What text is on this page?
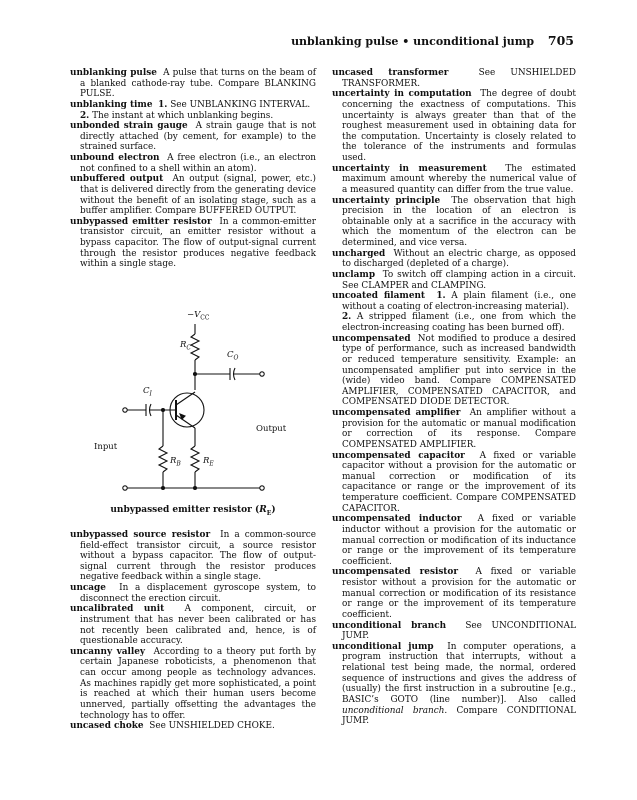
unblanking pulse • unconditional jump 705
unblanking pulse A pulse that turns on the beam of a blanked cathode-ray tube. Compare BLANKING PULSE.
unblanking time 1. See UNBLANKING INTERVAL.
2. The instant at which unblanking begins.
unbonded strain gauge A strain gauge that is not directly attached (by cement, for example) to the strained surface.
unbound electron A free electron (i.e., an electron not confined to a shell within an atom).
unbuffered output An output (signal, power, etc.) that is delivered directly from the generating device without the benefit of an isolating stage, such as a buffer amplifier. Compare BUFFERED OUTPUT.
unbypassed emitter resistor In a common-emitter transistor circuit, an emitter resistor without a bypass capacitor. The flow of output-signal current through the resistor produces negative feedback within a single stage.
$-V_{CC}$
$R_C$
$C_O$
$C_I$
Output
Input
$R_B$	$R_E$
unbypassed emitter resistor $(R_E)$
unbypassed source resistor In a common-source field-effect transistor circuit, a source resistor without a bypass capacitor. The flow of output-signal current through the resistor produces negative feedback within a single stage.
uncage In a displacement gyroscope system, to disconnect the erection circuit.
uncalibrated unit A component, circuit, or instrument that has never been calibrated or has not recently been calibrated and, hence, is of questionable accuracy.
uncanny valley According to a theory put forth by certain Japanese roboticists, a phenomenon that can occur among people as technology advances. As machines rapidly get more sophisticated, a point is reached at which their human users become unnerved, partially offsetting the advantages the technology has to offer.
uncased choke See UNSHIELDED CHOKE.
uncased transformer	See UNSHIELDED TRANSFORMER.
uncertainty in computation The degree of doubt concerning the exactness of computations. This uncertainty is always greater than that of the roughest measurement used in obtaining data for the computation. Uncertainty is closely related to the tolerance of the instruments and formulas used.
uncertainty in measurement The estimated maximum amount whereby the numerical value of a measured quantity can differ from the true value.
uncertainty principle The observation that high precision in the location of an electron is obtainable only at a sacrifice in the accuracy with which the momentum of the electron can be determined, and vice versa.
uncharged Without an electric charge, as opposed to discharged (depleted of a charge).
unclamp To switch off clamping action in a circuit. See CLAMPER and CLAMPING.
uncoated filament 1. A plain filament (i.e., one without a coating of electron-increasing material).
2. A stripped filament (i.e., one from which the electron-increasing coating has been burned off).
uncompensated Not modified to produce a desired type of performance, such as increased bandwidth or reduced temperature sensitivity. Example: an uncompensated amplifier put into service in the (wide) video band. Compare COMPENSATED AMPLIFIER, COMPENSATED CAPACITOR, and COMPENSATED DIODE DETECTOR.
uncompensated amplifier An amplifier without a provision for the automatic or manual modification or correction of its response. Compare COMPENSATED AMPLIFIER.
uncompensated capacitor A fixed or variable capacitor without a provision for the automatic or manual correction or modification of its capacitance or range or the improvement of its temperature coefficient. Compare COMPENSATED CAPACITOR.
uncompensated inductor A fixed or variable inductor without a provision for the automatic or manual correction or modification of its inductance or range or the improvement of its temperature coefficient.
uncompensated resistor A fixed or variable resistor without a provision for the automatic or manual correction or modification of its resistance or range or the improvement of its temperature coefficient.
unconditional branch See UNCONDITIONAL JUMP.
unconditional jump In computer operations, a program instruction that interrupts, without a relational test being made, the normal, ordered sequence of instructions and gives the address of (usually) the first instruction in a subroutine [e.g., BASIC’s GOTO (line number)]. Also called unconditional branch. Compare CONDITIONAL JUMP.
